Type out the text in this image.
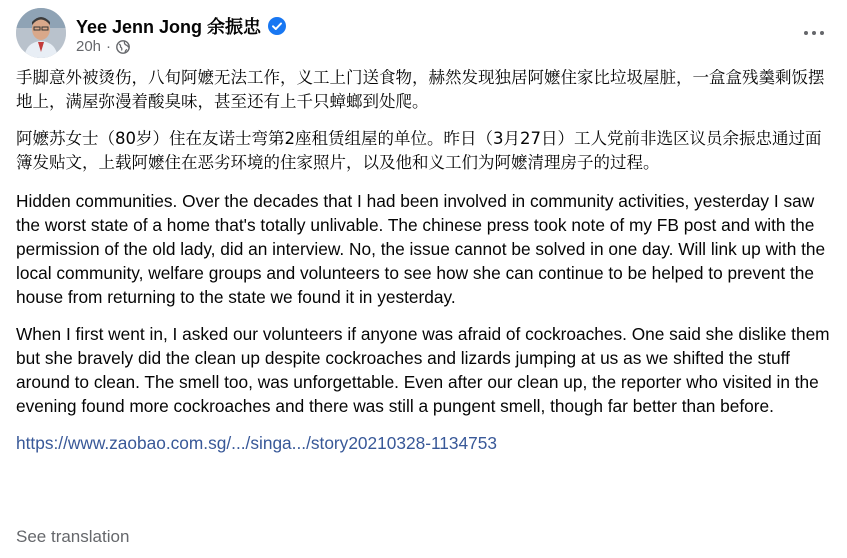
Yee Jenn Jong 余振忠
20h ·

手脚意外被烫伤，八旬阿嬷无法工作，义工上门送食物，赫然发现独居阿嬷住家比垃圾屋脏，一盒盒残羹剩饭摆地上，满屋弥漫着酸臭味，甚至还有上千只蟑螂到处爬。

阿嬷苏女士（80岁）住在友诺士弯第2座租赁组屋的单位。昨日（3月27日）工人党前非选区议员余振忠通过面簿发贴文，上载阿嬷住在恶劣环境的住家照片，以及他和义工们为阿嬷清理房子的过程。

Hidden communities. Over the decades that I had been involved in community activities, yesterday I saw the worst state of a home that's totally unlivable. The chinese press took note of my FB post and with the permission of the old lady, did an interview. No, the issue cannot be solved in one day. Will link up with the local community, welfare groups and volunteers to see how she can continue to be helped to prevent the house from returning to the state we found it in yesterday.

When I first went in, I asked our volunteers if anyone was afraid of cockroaches. One said she dislike them but she bravely did the clean up despite cockroaches and lizards jumping at us as we shifted the stuff around to clean. The smell too, was unforgettable. Even after our clean up, the reporter who visited in the evening found more cockroaches and there was still a pungent smell, though far better than before.

https://www.zaobao.com.sg/.../singa.../story20210328-1134753
See translation
